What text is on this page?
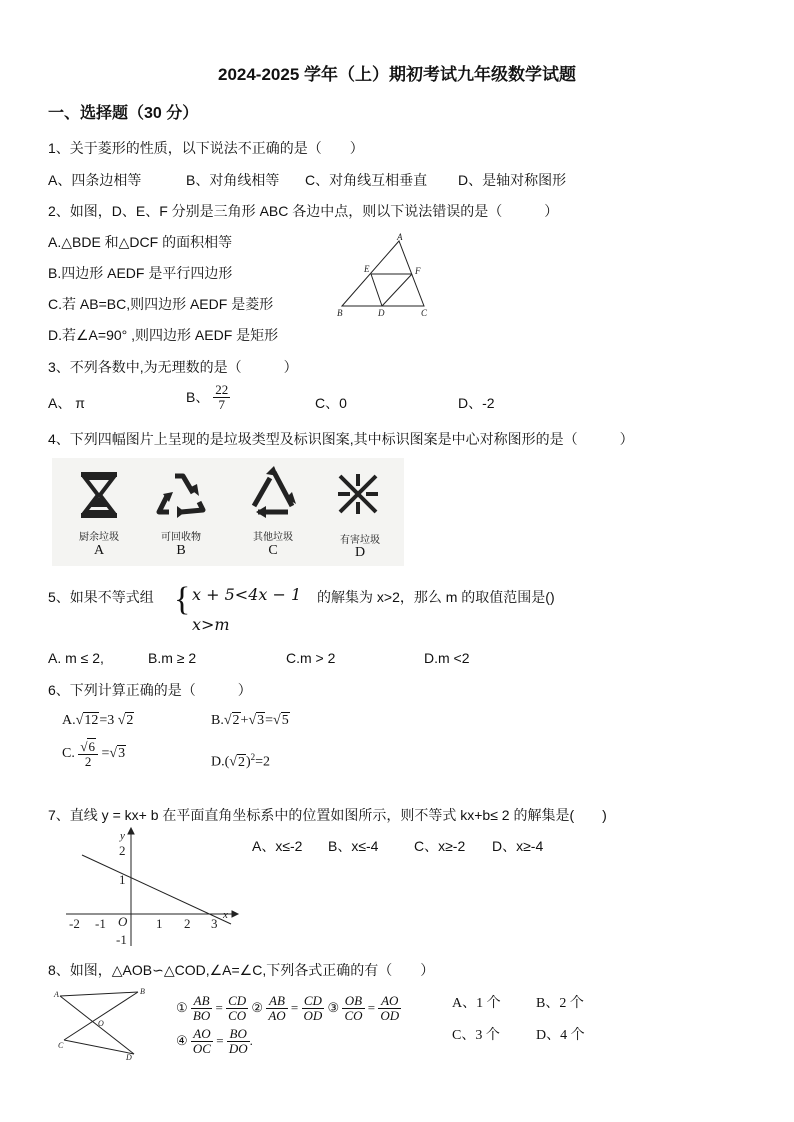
2024-2025 学年（上）期初考试九年级数学试题
一、选择题（30 分）
1、关于菱形的性质，以下说法不正确的是（　　）
A、四条边相等	B、对角线相等 C、对角线互相垂直 D、是轴对称图形
2、如图，D、E、F 分别是三角形 ABC 各边中点，则以下说法错误的是（　　　）
A.△BDE 和△DCF 的面积相等
B.四边形 AEDF 是平行四边形
C.若 AB=BC,则四边形 AEDF 是菱形
D.若∠A=90° ,则四边形 AEDF 是矩形
A
E	F
B	D	C
3、不列各数中,为无理数的是（　　　）
A、 π	B、 $\frac{22}{7}$	C、0	D、-2
4、下列四幅图片上呈现的是垃圾类型及标识图案,其中标识图案是中心对称图形的是（　　　）
厨余垃圾
A
可回收物
B
其他垃圾
C
有害垃圾
D
5、如果不等式组 { x + 5<4x − 1
x>m
的解集为 x>2，那么 m 的取值范围是()
A. m ≤ 2,	B.m ≥ 2	C.m > 2	D.m <2
6、下列计算正确的是（　　　）
A.√12=3 √2	B.√2+√3=√5
C. $\frac{√6}{2} =√3$
$D.(√2)^2=2$
7、直线 y = kx+ b 在平面直角坐标系中的位置如图所示，则不等式 kx+b≤ 2 的解集是(　　)
A、x≤-2 B、x≤-4	C、x≥-2 D、x≥-4
-2 -1 O 1 2 3
x
2
1
-1
y
8、如图，△AOB∽△COD,∠A=∠C,下列各式正确的有（　　）
A	B
O
C
D
① $\frac{AB}{BO} = \frac{CD}{CO}$ ② $\frac{AB}{AO} = \frac{CD}{OD}$ ③ $\frac{OB}{CO} = \frac{AO}{OD}$
④ $\frac{AO}{OC} = \frac{BO}{DO}$ .
A、1 个	B、2 个
C、3 个	D、4 个
